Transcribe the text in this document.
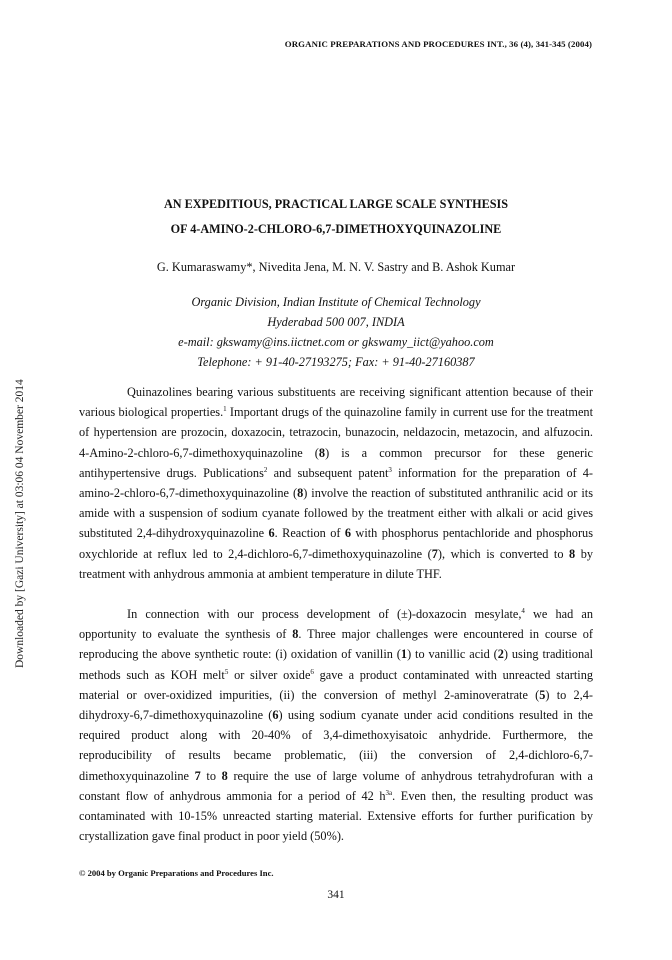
ORGANIC PREPARATIONS AND PROCEDURES INT., 36 (4), 341-345 (2004)
Downloaded by [Gazi University] at 03:06 04 November 2014
AN EXPEDITIOUS, PRACTICAL LARGE SCALE SYNTHESIS
OF 4-AMINO-2-CHLORO-6,7-DIMETHOXYQUINAZOLINE
G. Kumaraswamy*, Nivedita Jena, M. N. V. Sastry and B. Ashok Kumar
Organic Division, Indian Institute of Chemical Technology
Hyderabad 500 007, INDIA
e-mail: gkswamy@ins.iictnet.com or gkswamy_iict@yahoo.com
Telephone: + 91-40-27193275; Fax: + 91-40-27160387

Quinazolines bearing various substituents are receiving significant attention because of their various biological properties.$^1$ Important drugs of the quinazoline family in current use for the treatment of hypertension are prozocin, doxazocin, tetrazocin, bunazocin, neldazocin, metazocin, and alfuzocin. 4-Amino-2-chloro-6,7-dimethoxyquinazoline (8) is a common precursor for these generic antihypertensive drugs. Publications$^2$ and subsequent patent$^3$ information for the preparation of 4-amino-2-chloro-6,7-dimethoxyquinazoline (8) involve the reaction of substituted anthranilic acid or its amide with a suspension of sodium cyanate followed by the treatment either with alkali or acid gives substituted 2,4-dihydroxyquinazoline 6. Reaction of 6 with phosphorus pentachloride and phosphorus oxychloride at reflux led to 2,4-dichloro-6,7-dimethoxyquinazoline (7), which is converted to 8 by treatment with anhydrous ammonia at ambient temperature in dilute THF.

In connection with our process development of (±)-doxazocin mesylate,$^4$ we had an opportunity to evaluate the synthesis of 8. Three major challenges were encountered in course of reproducing the above synthetic route: (i) oxidation of vanillin (1) to vanillic acid (2) using traditional methods such as KOH melt$^5$ or silver oxide$^6$ gave a product contaminated with unreacted starting material or over-oxidized impurities, (ii) the conversion of methyl 2-aminoveratrate (5) to 2,4-dihydroxy-6,7-dimethoxyquinazoline (6) using sodium cyanate under acid conditions resulted in the required product along with 20-40% of 3,4-dimethoxyisatoic anhydride. Furthermore, the reproducibility of results became problematic, (iii) the conversion of 2,4-dichloro-6,7-dimethoxyquinazoline 7 to 8 require the use of large volume of anhydrous tetrahydrofuran with a constant flow of anhydrous ammonia for a period of 42 $h^{3a}$. Even then, the resulting product was contaminated with 10-15% unreacted starting material. Extensive efforts for further purification by crystallization gave final product in poor yield (50%).

© 2004 by Organic Preparations and Procedures Inc.
341
